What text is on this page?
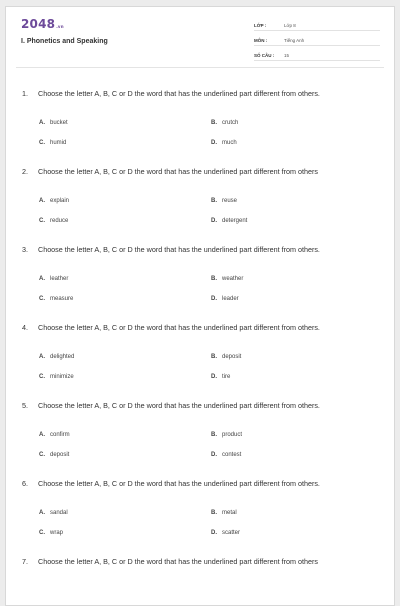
2048 .vn
I. Phonetics and Speaking
LỚP :	Lớp 8
MÔN :	Tiếng Anh
SỐ CÂU :	15
1.	Choose the letter A, B, C or D the word that has the underlined part different from others.
A. bucket	B. crutch
C. humid	D. much
2.	Choose the letter A, B, C or D the word that has the underlined part different from others
A. explain	B. reuse
C. reduce	D. detergent
3.	Choose the letter A, B, C or D the word that has the underlined part different from others.
A. leather	B. weather
C. measure	D. leader
4.	Choose the letter A, B, C or D the word that has the underlined part different from others.
A. delighted	B. deposit
C. minimize	D. tire
5.	Choose the letter A, B, C or D the word that has the underlined part different from others.
A. confirm	B. product
C. deposit	D. contest
6.	Choose the letter A, B, C or D the word that has the underlined part different from others.
A. sandal	B. metal
C. wrap	D. scatter
7.	Choose the letter A, B, C or D the word that has the underlined part different from others
